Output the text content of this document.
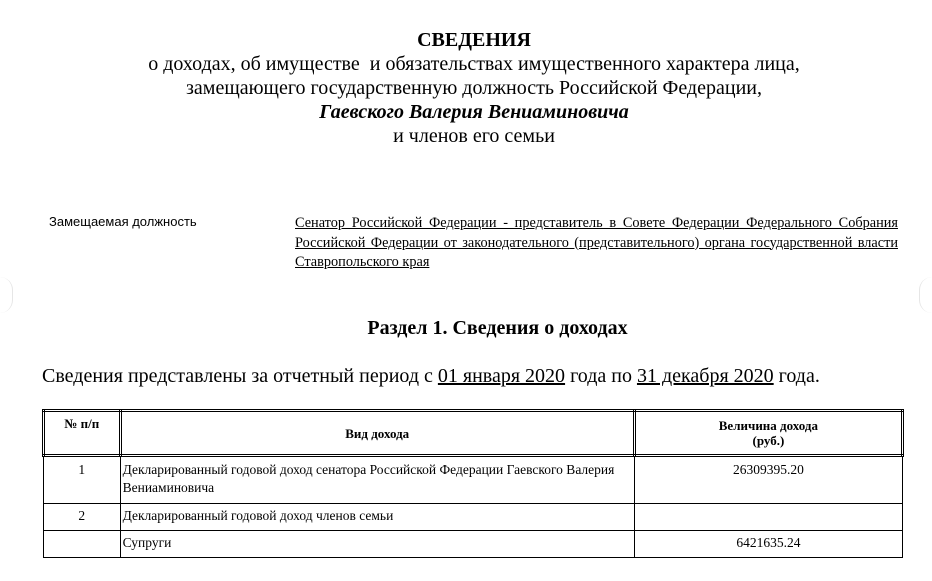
СВЕДЕНИЯ
о доходах, об имуществе  и обязательствах имущественного характера лица,
замещающего государственную должность Российской Федерации,
Гаевского Валерия Вениаминовича
и членов его семьи
Замещаемая должность	Сенатор Российской Федерации - представитель в Совете Федерации Федерального Собрания Российской Федерации от законодательного (представительного) органа государственной власти Ставропольского края
Раздел 1. Сведения о доходах
Сведения представлены за отчетный период с 01 января 2020 года по 31 декабря 2020 года.
№ п/п	Вид дохода	Величина дохода
(руб.)
1	Декларированный годовой доход сенатора Российской Федерации Гаевского Валерия Вениаминовича	26309395.20
2	Декларированный годовой доход членов семьи	
	Супруги	6421635.24
